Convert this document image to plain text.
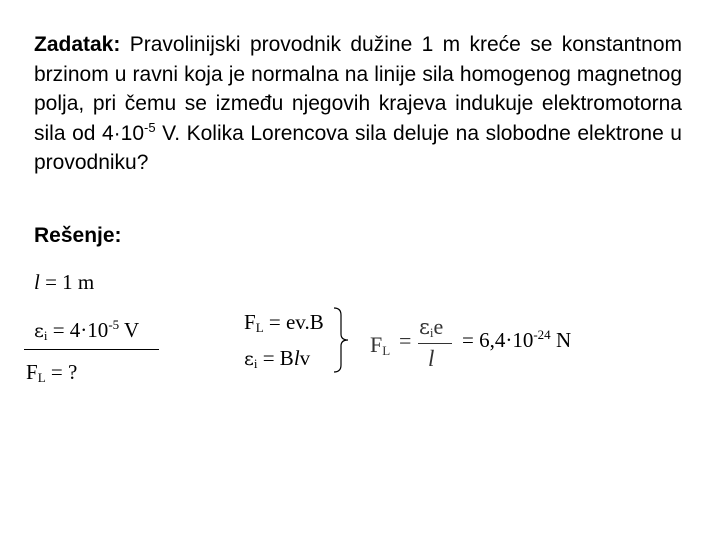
Zadatak: Pravolinijski provodnik dužine 1 m kreće se konstantnom brzinom u ravni koja je normalna na linije sila homogenog magnetnog polja, pri čemu se između njegovih krajeva indukuje elektromotorna sila od $4\cdot 10^{-5}$ V. Kolika Lorencova sila deluje na slobodne elektrone u provodniku?
Rešenje:
l = 1 m
$\varepsilon_i = 4\cdot 10^{-5}$ V
$F_L$ = ?
$F_L = ev.B$
$\varepsilon_i$ = Blv
$F_L$ =
$\varepsilon_ie$
l
= $6,4\cdot 10^{-24}$ N
